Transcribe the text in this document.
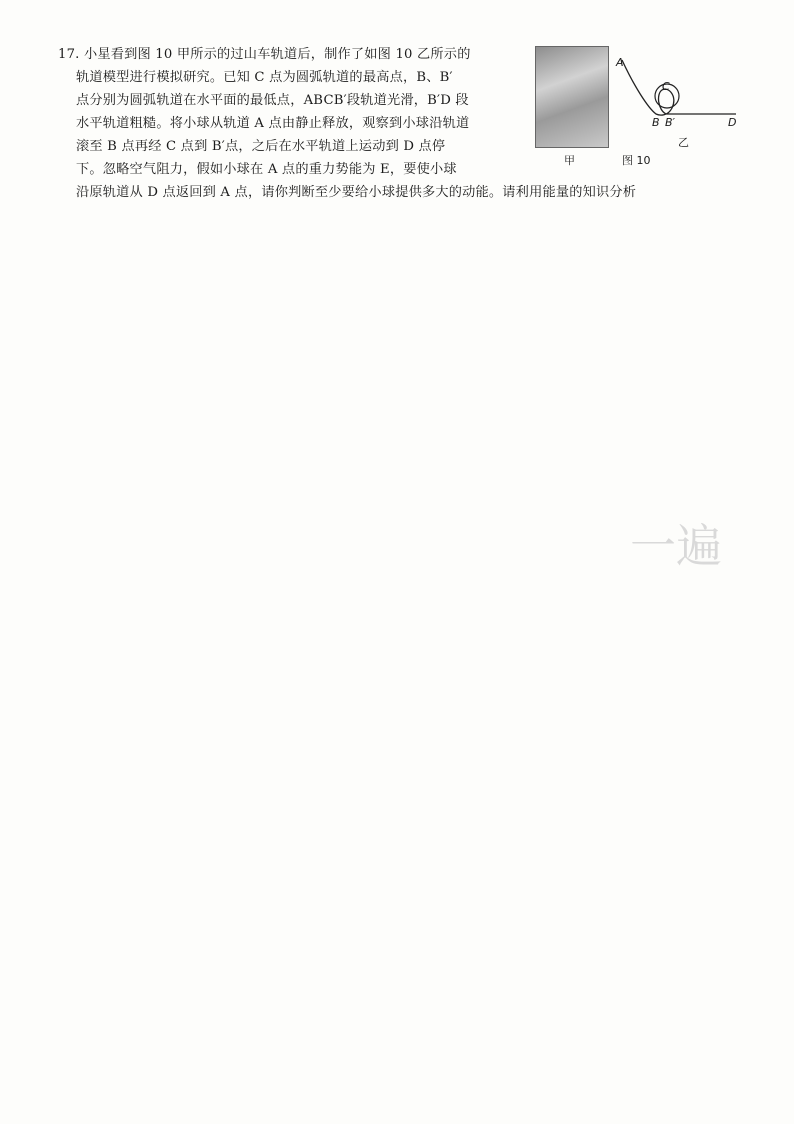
一遍
17. 小星看到图 10 甲所示的过山车轨道后，制作了如图 10 乙所示的
轨道模型进行模拟研究。已知 C 点为圆弧轨道的最高点，B、B′
点分别为圆弧轨道在水平面的最低点，ABCB′段轨道光滑，B′D 段
水平轨道粗糙。将小球从轨道 A 点由静止释放，观察到小球沿轨道
滚至 B 点再经 C 点到 B′点，之后在水平轨道上运动到 D 点停
下。忽略空气阻力，假如小球在 A 点的重力势能为 E，要使小球
沿原轨道从 D 点返回到 A 点，请你判断至少要给小球提供多大的动能。请利用能量的知识分析
甲
A
C
B B′	D
乙
图 10
